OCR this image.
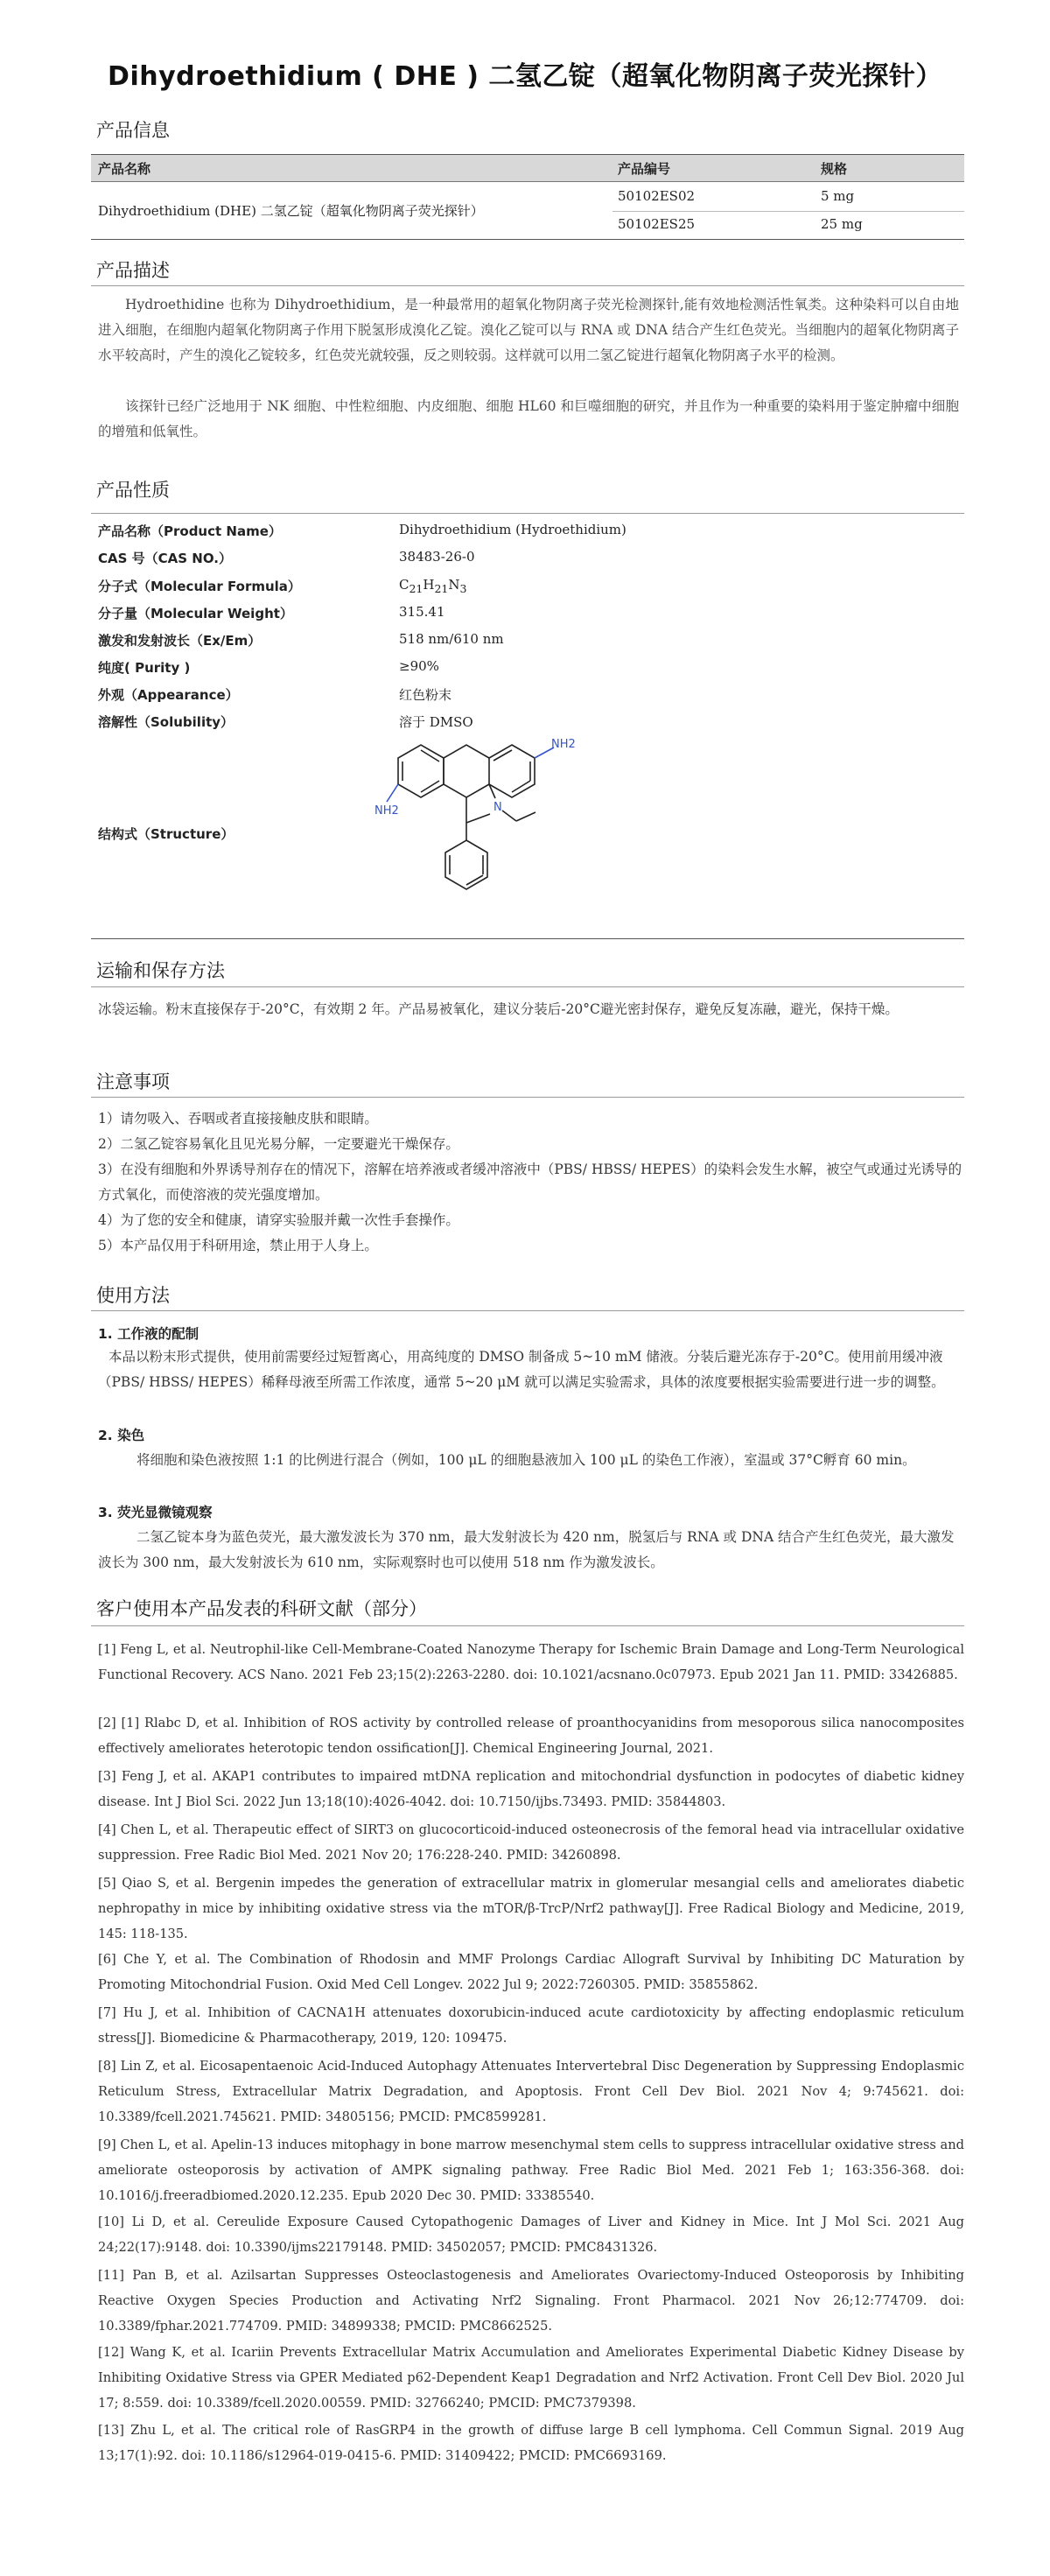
Dihydroethidium ( DHE ) 二氢乙锭（超氧化物阴离子荧光探针）
产品信息
产品名称	产品编号	规格
Dihydroethidium (DHE) 二氢乙锭（超氧化物阴离子荧光探针）
50102ES02	5 mg
50102ES25	25 mg
产品描述
Hydroethidine 也称为 Dihydroethidium，是一种最常用的超氧化物阴离子荧光检测探针,能有效地检测活性氧类。这种染料可以自由地进入细胞，在细胞内超氧化物阴离子作用下脱氢形成溴化乙锭。溴化乙锭可以与 RNA 或 DNA 结合产生红色荧光。当细胞内的超氧化物阴离子水平较高时，产生的溴化乙锭较多，红色荧光就较强，反之则较弱。这样就可以用二氢乙锭进行超氧化物阴离子水平的检测。
该探针已经广泛地用于 NK 细胞、中性粒细胞、内皮细胞、细胞 HL60 和巨噬细胞的研究，并且作为一种重要的染料用于鉴定肿瘤中细胞的增殖和低氧性。
产品性质
产品名称（Product Name）	Dihydroethidium (Hydroethidium)
CAS 号（CAS NO.）	38483-26-0
分子式（Molecular Formula）	$C_{21}H_{21}N_3$
分子量（Molecular Weight）	315.41
激发和发射波长（Ex/Em）	518 nm/610 nm
纯度( Purity )	≥90%
外观（Appearance）	红色粉末
溶解性（Solubility）	溶于 DMSO
结构式（Structure）
NH2
NH2	N
运输和保存方法
冰袋运输。粉末直接保存于-20°C，有效期 2 年。产品易被氧化，建议分装后-20°C避光密封保存，避免反复冻融，避光，保持干燥。
注意事项
1）请勿吸入、吞咽或者直接接触皮肤和眼睛。
2）二氢乙锭容易氧化且见光易分解，一定要避光干燥保存。
3）在没有细胞和外界诱导剂存在的情况下，溶解在培养液或者缓冲溶液中（PBS/ HBSS/ HEPES）的染料会发生水解，被空气或通过光诱导的方式氧化，而使溶液的荧光强度增加。
4）为了您的安全和健康，请穿实验服并戴一次性手套操作。
5）本产品仅用于科研用途，禁止用于人身上。
使用方法
1. 工作液的配制
本品以粉末形式提供，使用前需要经过短暂离心，用高纯度的 DMSO 制备成 5~10 mM 储液。分装后避光冻存于-20°C。使用前用缓冲液（PBS/ HBSS/ HEPES）稀释母液至所需工作浓度，通常 5~20 μM 就可以满足实验需求，具体的浓度要根据实验需要进行进一步的调整。
2. 染色
将细胞和染色液按照 1:1 的比例进行混合（例如，100 μL 的细胞悬液加入 100 μL 的染色工作液），室温或 37°C孵育 60 min。
3. 荧光显微镜观察
二氢乙锭本身为蓝色荧光，最大激发波长为 370 nm，最大发射波长为 420 nm，脱氢后与 RNA 或 DNA 结合产生红色荧光，最大激发波长为 300 nm，最大发射波长为 610 nm，实际观察时也可以使用 518 nm 作为激发波长。
客户使用本产品发表的科研文献（部分）
[1] Feng L, et al. Neutrophil-like Cell-Membrane-Coated Nanozyme Therapy for Ischemic Brain Damage and Long-Term Neurological Functional Recovery. ACS Nano. 2021 Feb 23;15(2):2263-2280. doi: 10.1021/acsnano.0c07973. Epub 2021 Jan 11. PMID: 33426885.
[2] [1] Rlabc D, et al. Inhibition of ROS activity by controlled release of proanthocyanidins from mesoporous silica nanocomposites effectively ameliorates heterotopic tendon ossification[J]. Chemical Engineering Journal, 2021.
[3] Feng J, et al. AKAP1 contributes to impaired mtDNA replication and mitochondrial dysfunction in podocytes of diabetic kidney disease. Int J Biol Sci. 2022 Jun 13;18(10):4026-4042. doi: 10.7150/ijbs.73493. PMID: 35844803.
[4] Chen L, et al. Therapeutic effect of SIRT3 on glucocorticoid-induced osteonecrosis of the femoral head via intracellular oxidative suppression. Free Radic Biol Med. 2021 Nov 20; 176:228-240. PMID: 34260898.
[5] Qiao S, et al. Bergenin impedes the generation of extracellular matrix in glomerular mesangial cells and ameliorates diabetic nephropathy in mice by inhibiting oxidative stress via the mTOR/β-TrcP/Nrf2 pathway[J]. Free Radical Biology and Medicine, 2019, 145: 118-135.
[6] Che Y, et al. The Combination of Rhodosin and MMF Prolongs Cardiac Allograft Survival by Inhibiting DC Maturation by Promoting Mitochondrial Fusion. Oxid Med Cell Longev. 2022 Jul 9; 2022:7260305. PMID: 35855862.
[7] Hu J, et al. Inhibition of CACNA1H attenuates doxorubicin-induced acute cardiotoxicity by affecting endoplasmic reticulum stress[J]. Biomedicine & Pharmacotherapy, 2019, 120: 109475.
[8] Lin Z, et al. Eicosapentaenoic Acid-Induced Autophagy Attenuates Intervertebral Disc Degeneration by Suppressing Endoplasmic Reticulum Stress, Extracellular Matrix Degradation, and Apoptosis. Front Cell Dev Biol. 2021 Nov 4; 9:745621. doi: 10.3389/fcell.2021.745621. PMID: 34805156; PMCID: PMC8599281.
[9] Chen L, et al. Apelin-13 induces mitophagy in bone marrow mesenchymal stem cells to suppress intracellular oxidative stress and ameliorate osteoporosis by activation of AMPK signaling pathway. Free Radic Biol Med. 2021 Feb 1; 163:356-368. doi: 10.1016/j.freeradbiomed.2020.12.235. Epub 2020 Dec 30. PMID: 33385540.
[10] Li D, et al. Cereulide Exposure Caused Cytopathogenic Damages of Liver and Kidney in Mice. Int J Mol Sci. 2021 Aug 24;22(17):9148. doi: 10.3390/ijms22179148. PMID: 34502057; PMCID: PMC8431326.
[11] Pan B, et al. Azilsartan Suppresses Osteoclastogenesis and Ameliorates Ovariectomy-Induced Osteoporosis by Inhibiting Reactive Oxygen Species Production and Activating Nrf2 Signaling. Front Pharmacol. 2021 Nov 26;12:774709. doi: 10.3389/fphar.2021.774709. PMID: 34899338; PMCID: PMC8662525.
[12] Wang K, et al. Icariin Prevents Extracellular Matrix Accumulation and Ameliorates Experimental Diabetic Kidney Disease by Inhibiting Oxidative Stress via GPER Mediated p62-Dependent Keap1 Degradation and Nrf2 Activation. Front Cell Dev Biol. 2020 Jul 17; 8:559. doi: 10.3389/fcell.2020.00559. PMID: 32766240; PMCID: PMC7379398.
[13] Zhu L, et al. The critical role of RasGRP4 in the growth of diffuse large B cell lymphoma. Cell Commun Signal. 2019 Aug 13;17(1):92. doi: 10.1186/s12964-019-0415-6. PMID: 31409422; PMCID: PMC6693169.
